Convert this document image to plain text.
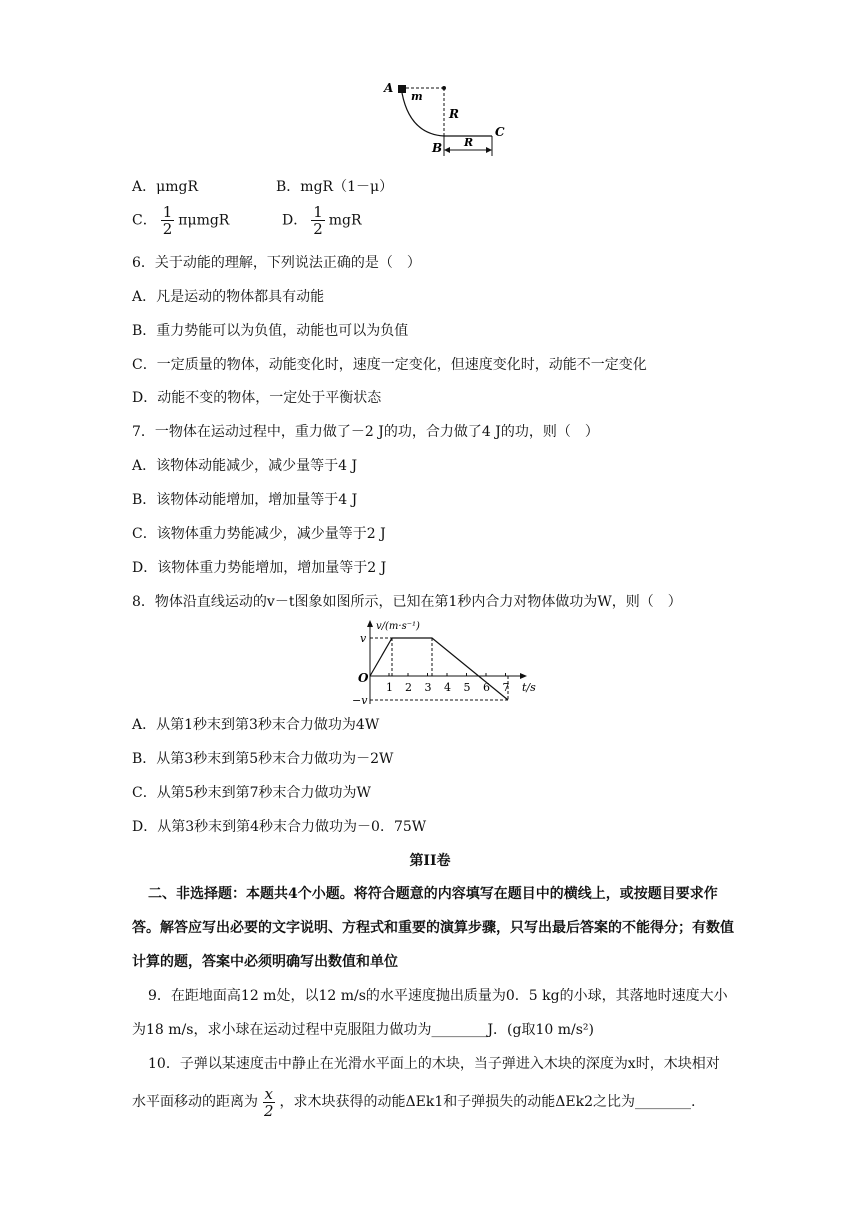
A
m
R
B
C
R
A．μmgR	B．mgR（1－μ）
C． $\frac{1}{2}$ πμmgR	D． $\frac{1}{2}$ mgR
6．关于动能的理解，下列说法正确的是（　）
A．凡是运动的物体都具有动能
B．重力势能可以为负值，动能也可以为负值
C．一定质量的物体，动能变化时，速度一定变化，但速度变化时，动能不一定变化
D．动能不变的物体，一定处于平衡状态
7．一物体在运动过程中，重力做了－2 J的功，合力做了4 J的功，则（　）
A．该物体动能减少，减少量等于4 J
B．该物体动能增加，增加量等于4 J
C．该物体重力势能减少，减少量等于2 J
D．该物体重力势能增加，增加量等于2 J
8．物体沿直线运动的v－t图象如图所示，已知在第1秒内合力对物体做功为W，则（　）
v/(m·s⁻¹)
t/s
O
v
−v
1 2 3 4 5 6 7
A．从第1秒末到第3秒末合力做功为4W
B．从第3秒末到第5秒末合力做功为－2W
C．从第5秒末到第7秒末合力做功为W
D．从第3秒末到第4秒末合力做功为－0．75W
第II卷
二、非选择题：本题共4个小题。将符合题意的内容填写在题目中的横线上，或按题目要求作
答。解答应写出必要的文字说明、方程式和重要的演算步骤，只写出最后答案的不能得分；有数值
计算的题，答案中必须明确写出数值和单位
9．在距地面高12 m处，以12 m/s的水平速度抛出质量为0．5 kg的小球，其落地时速度大小
为18 m/s，求小球在运动过程中克服阻力做功为________J．(g取10 m/s²)
10．子弹以某速度击中静止在光滑水平面上的木块，当子弹进入木块的深度为x时，木块相对
水平面移动的距离为 $\frac{x}{2}$ ，求木块获得的动能ΔEk1和子弹损失的动能ΔEk2之比为________.
